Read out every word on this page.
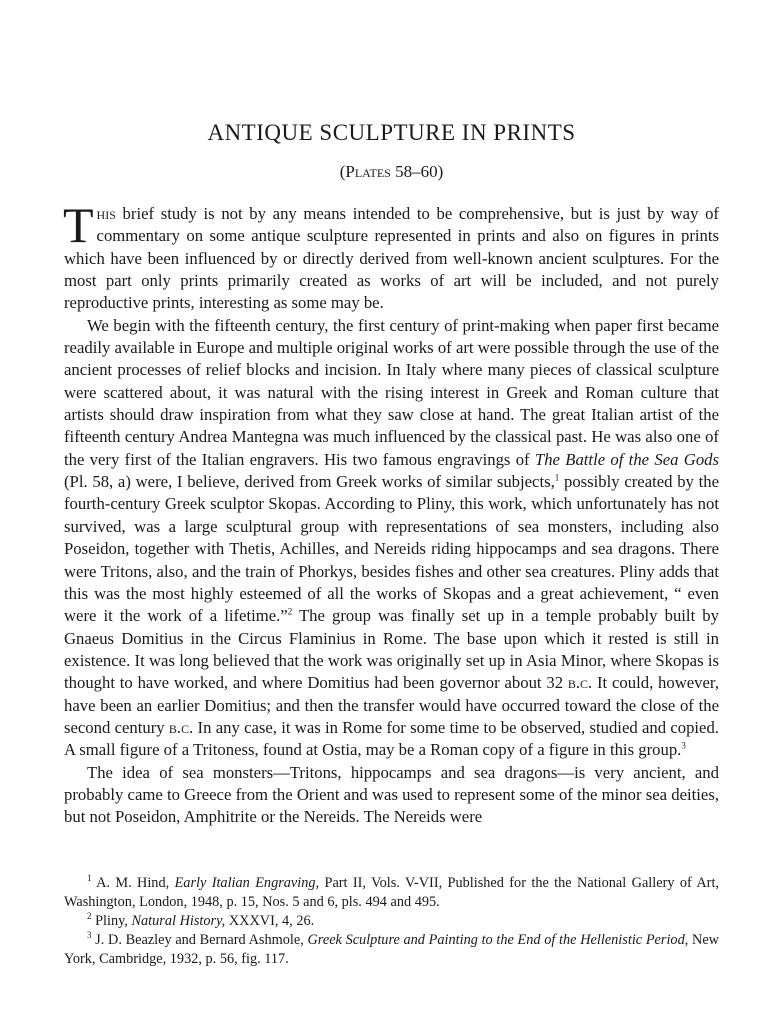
ANTIQUE SCULPTURE IN PRINTS
(Plates 58–60)

This brief study is not by any means intended to be comprehensive, but is just by way of commentary on some antique sculpture represented in prints and also on figures in prints which have been influenced by or directly derived from well-known ancient sculptures. For the most part only prints primarily created as works of art will be included, and not purely reproductive prints, interesting as some may be.

We begin with the fifteenth century, the first century of print-making when paper first became readily available in Europe and multiple original works of art were possible through the use of the ancient processes of relief blocks and incision. In Italy where many pieces of classical sculpture were scattered about, it was natural with the rising interest in Greek and Roman culture that artists should draw inspiration from what they saw close at hand. The great Italian artist of the fifteenth century Andrea Mantegna was much influenced by the classical past. He was also one of the very first of the Italian engravers. His two famous engravings of The Battle of the Sea Gods (Pl. 58, a) were, I believe, derived from Greek works of similar subjects,$^1$ possibly created by the fourth-century Greek sculptor Skopas. According to Pliny, this work, which unfortunately has not survived, was a large sculptural group with representations of sea monsters, including also Poseidon, together with Thetis, Achilles, and Nereids riding hippocamps and sea dragons. There were Tritons, also, and the train of Phorkys, besides fishes and other sea creatures. Pliny adds that this was the most highly esteemed of all the works of Skopas and a great achievement, “ even were it the work of a lifetime.”$^2$ The group was finally set up in a temple probably built by Gnaeus Domitius in the Circus Flaminius in Rome. The base upon which it rested is still in existence. It was long believed that the work was originally set up in Asia Minor, where Skopas is thought to have worked, and where Domitius had been governor about 32 b.c. It could, however, have been an earlier Domitius; and then the transfer would have occurred toward the close of the second century b.c. In any case, it was in Rome for some time to be observed, studied and copied. A small figure of a Tritoness, found at Ostia, may be a Roman copy of a figure in this group.$^3$

The idea of sea monsters—Tritons, hippocamps and sea dragons—is very ancient, and probably came to Greece from the Orient and was used to represent some of the minor sea deities, but not Poseidon, Amphitrite or the Nereids. The Nereids were

$^1$ A. M. Hind, Early Italian Engraving, Part II, Vols. V-VII, Published for the the National Gallery of Art, Washington, London, 1948, p. 15, Nos. 5 and 6, pls. 494 and 495.

$^2$ Pliny, Natural History, XXXVI, 4, 26.

$^3$ J. D. Beazley and Bernard Ashmole, Greek Sculpture and Painting to the End of the Hellenistic Period, New York, Cambridge, 1932, p. 56, fig. 117.
